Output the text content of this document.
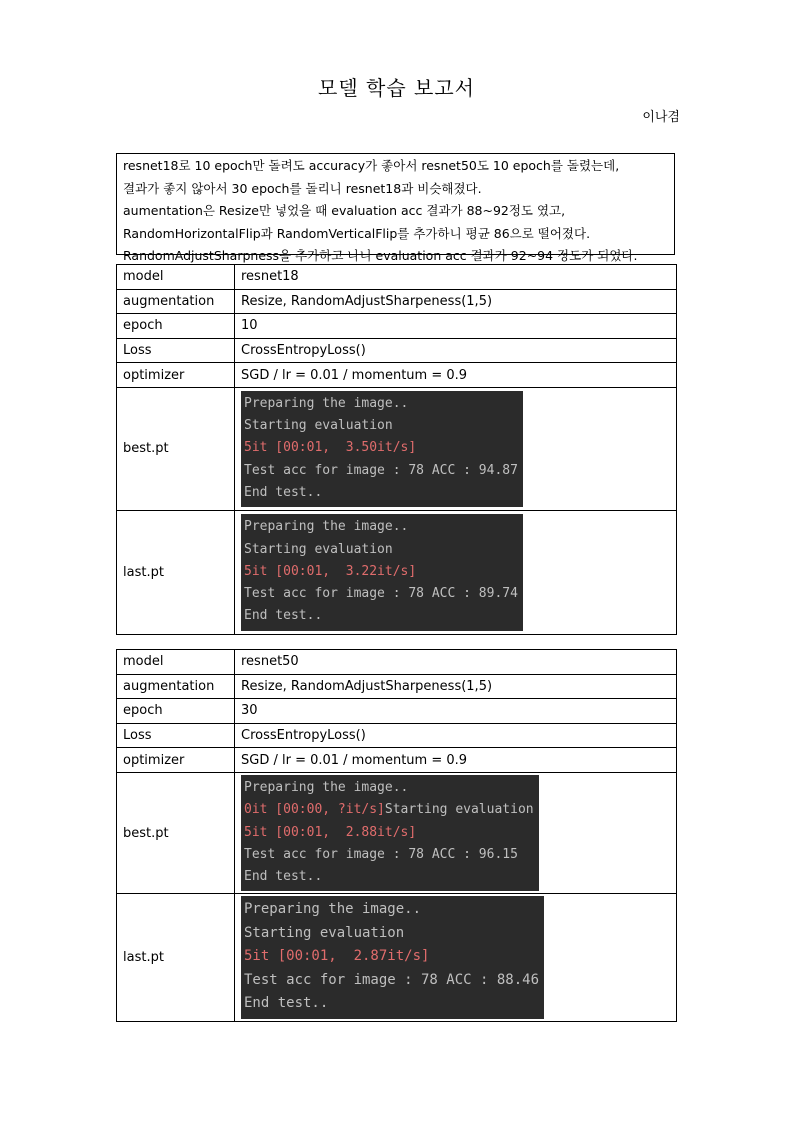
모델 학습 보고서
이나겸
resnet18로 10 epoch만 돌려도 accuracy가 좋아서 resnet50도 10 epoch를 돌렸는데,
결과가 좋지 않아서 30 epoch를 돌리니 resnet18과 비슷해졌다.
aumentation은 Resize만 넣었을 때 evaluation acc 결과가 88~92정도 였고,
RandomHorizontalFlip과 RandomVerticalFlip를 추가하니 평균 86으로 떨어졌다.
RandomAdjustSharpness을 추가하고 나니 evaluation acc 결과가 92~94 정도가 되었다.
model	resnet18
augmentation	Resize, RandomAdjustSharpeness(1,5)
epoch	10
Loss	CrossEntropyLoss()
optimizer	SGD / lr = 0.01 / momentum = 0.9
best.pt	Preparing the image..
Starting evaluation
5it [00:01,  3.50it/s]
Test acc for image : 78 ACC : 94.87
End test..

last.pt	Preparing the image..
Starting evaluation
5it [00:01,  3.22it/s]
Test acc for image : 78 ACC : 89.74
End test..
model	resnet50
augmentation	Resize, RandomAdjustSharpeness(1,5)
epoch	30
Loss	CrossEntropyLoss()
optimizer	SGD / lr = 0.01 / momentum = 0.9
best.pt	Preparing the image..
0it [00:00, ?it/s]Starting evaluation
5it [00:01,  2.88it/s]
Test acc for image : 78 ACC : 96.15
End test..

last.pt	Preparing the image..
Starting evaluation
5it [00:01,  2.87it/s]
Test acc for image : 78 ACC : 88.46
End test..
